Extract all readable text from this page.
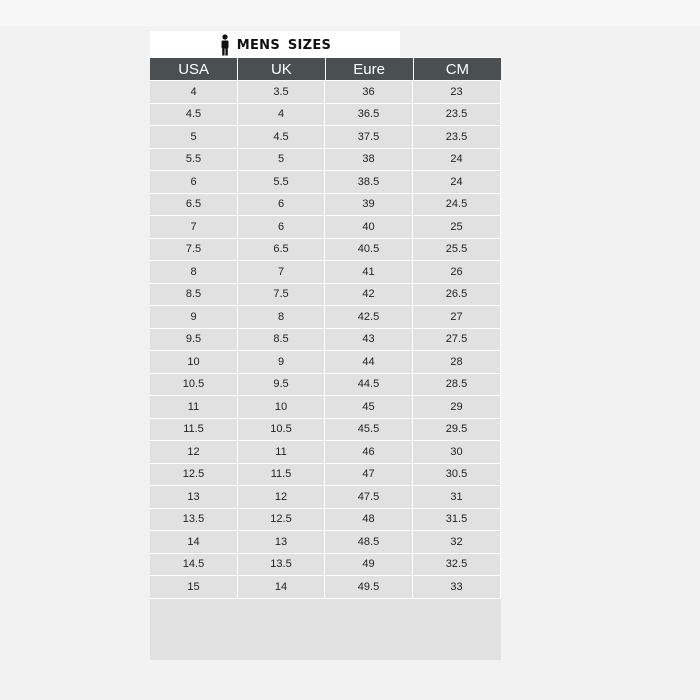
MENS SIZES
USA	UK	Eure	CM
4	3.5	36	23
4.5	4	36.5	23.5
5	4.5	37.5	23.5
5.5	5	38	24
6	5.5	38.5	24
6.5	6	39	24.5
7	6	40	25
7.5	6.5	40.5	25.5
8	7	41	26
8.5	7.5	42	26.5
9	8	42.5	27
9.5	8.5	43	27.5
10	9	44	28
10.5	9.5	44.5	28.5
11	10	45	29
11.5	10.5	45.5	29.5
12	11	46	30
12.5	11.5	47	30.5
13	12	47.5	31
13.5	12.5	48	31.5
14	13	48.5	32
14.5	13.5	49	32.5
15	14	49.5	33
